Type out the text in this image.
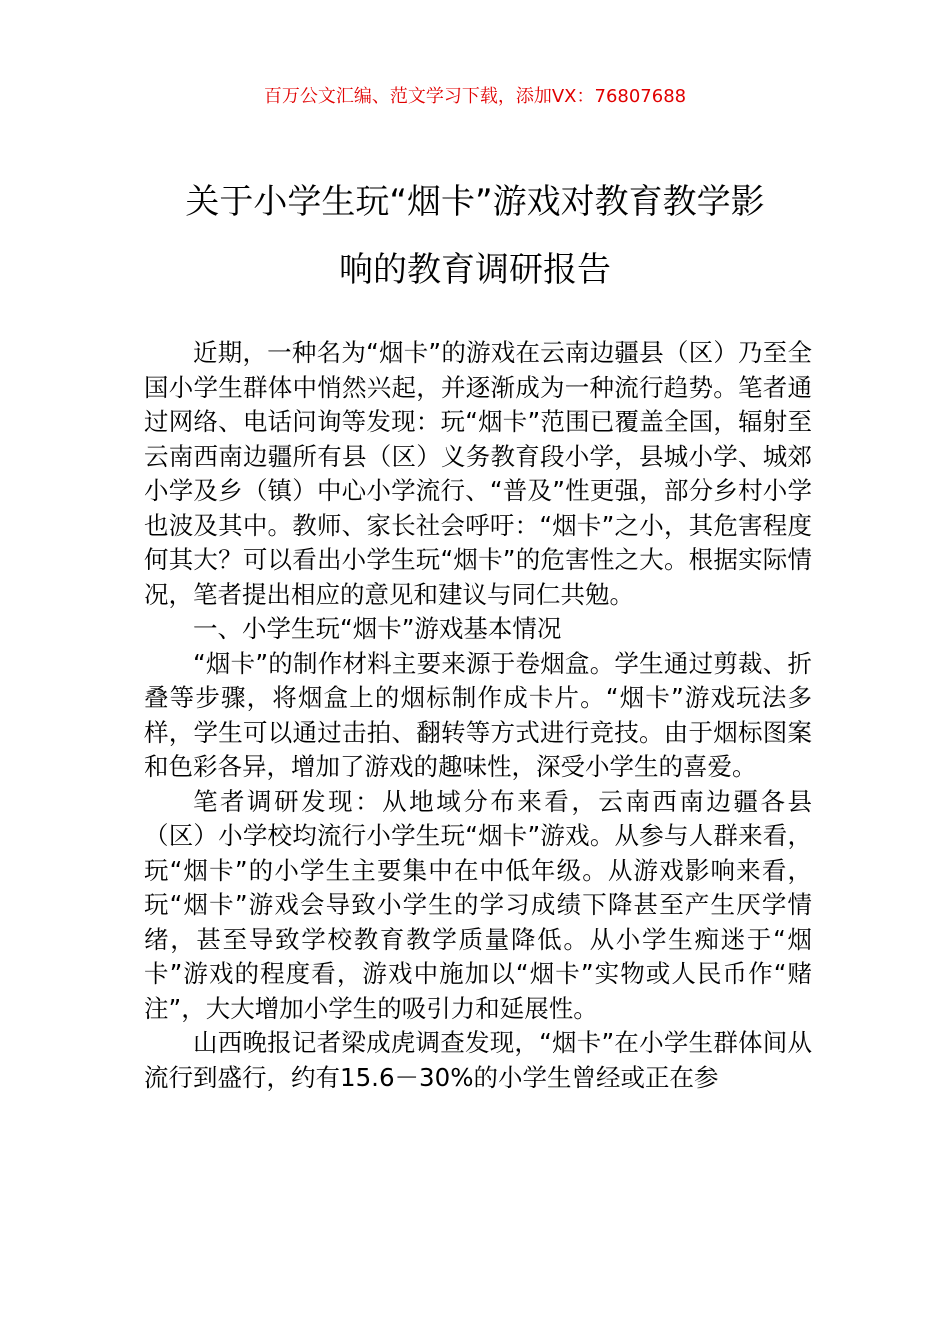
百万公文汇编、范文学习下载，添加VX：76807688
关于小学生玩“烟卡”游戏对教育教学影
响的教育调研报告

近期，一种名为“烟卡”的游戏在云南边疆县（区）乃至全国小学生群体中悄然兴起，并逐渐成为一种流行趋势。笔者通过网络、电话问询等发现：玩“烟卡”范围已覆盖全国，辐射至云南西南边疆所有县（区）义务教育段小学，县城小学、城郊小学及乡（镇）中心小学流行、“普及”性更强，部分乡村小学也波及其中。教师、家长社会呼吁：“烟卡”之小，其危害程度何其大？可以看出小学生玩“烟卡”的危害性之大。根据实际情况，笔者提出相应的意见和建议与同仁共勉。

一、小学生玩“烟卡”游戏基本情况

“烟卡”的制作材料主要来源于卷烟盒。学生通过剪裁、折叠等步骤，将烟盒上的烟标制作成卡片。“烟卡”游戏玩法多样，学生可以通过击拍、翻转等方式进行竞技。由于烟标图案和色彩各异，增加了游戏的趣味性，深受小学生的喜爱。

笔者调研发现：从地域分布来看，云南西南边疆各县（区）小学校均流行小学生玩“烟卡”游戏。从参与人群来看，玩“烟卡”的小学生主要集中在中低年级。从游戏影响来看，玩“烟卡”游戏会导致小学生的学习成绩下降甚至产生厌学情绪，甚至导致学校教育教学质量降低。从小学生痴迷于“烟卡”游戏的程度看，游戏中施加以“烟卡”实物或人民币作“赌注”，大大增加小学生的吸引力和延展性。

山西晚报记者梁成虎调查发现，“烟卡”在小学生群体间从流行到盛行，约有15.6－30%的小学生曾经或正在参
